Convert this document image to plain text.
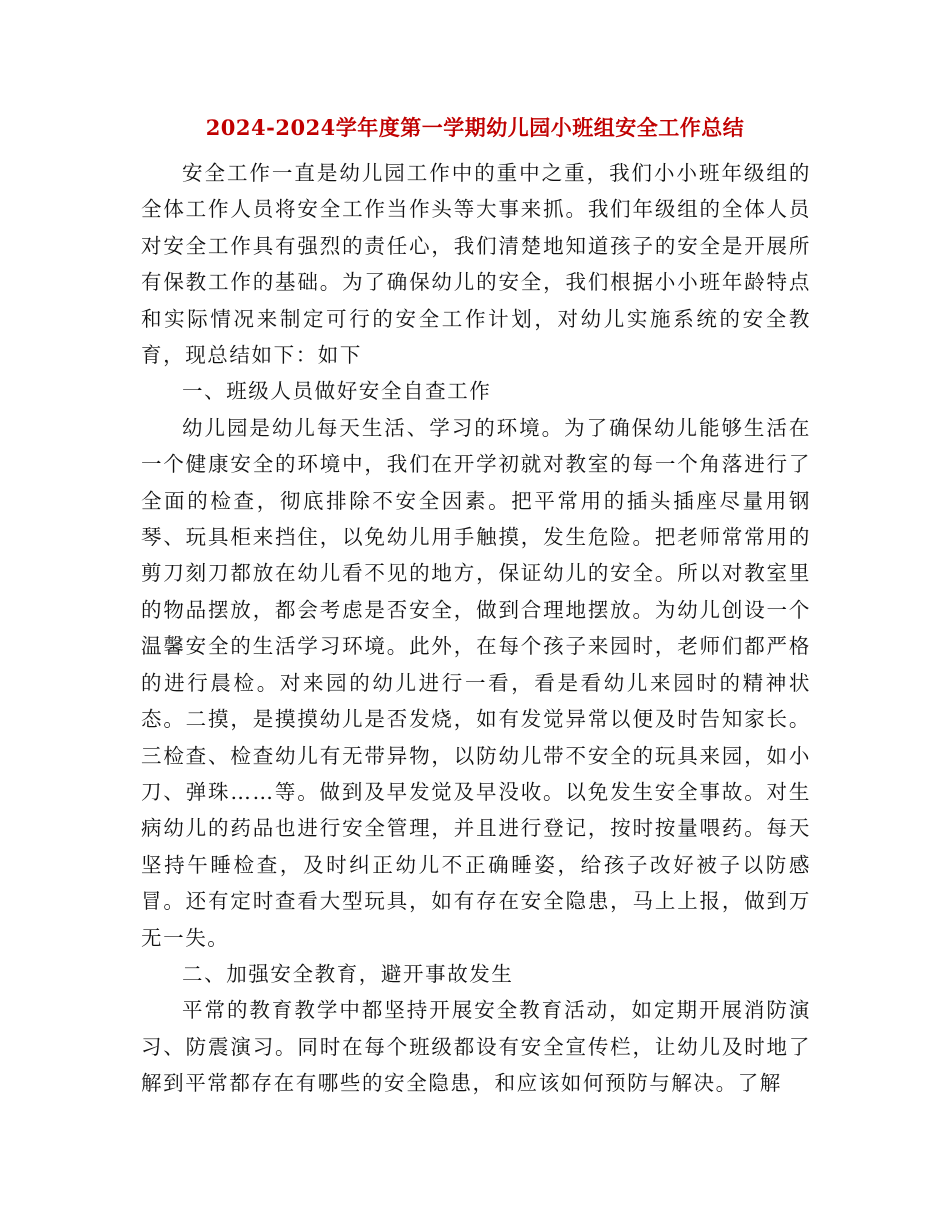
2024-2024学年度第一学期幼儿园小班组安全工作总结

安全工作一直是幼儿园工作中的重中之重，我们小小班年级组的全体工作人员将安全工作当作头等大事来抓。我们年级组的全体人员对安全工作具有强烈的责任心，我们清楚地知道孩子的安全是开展所有保教工作的基础。为了确保幼儿的安全，我们根据小小班年龄特点和实际情况来制定可行的安全工作计划，对幼儿实施系统的安全教育，现总结如下：如下

一、班级人员做好安全自查工作

幼儿园是幼儿每天生活、学习的环境。为了确保幼儿能够生活在一个健康安全的环境中，我们在开学初就对教室的每一个角落进行了全面的检查，彻底排除不安全因素。把平常用的插头插座尽量用钢琴、玩具柜来挡住，以免幼儿用手触摸，发生危险。把老师常常用的剪刀刻刀都放在幼儿看不见的地方，保证幼儿的安全。所以对教室里的物品摆放，都会考虑是否安全，做到合理地摆放。为幼儿创设一个温馨安全的生活学习环境。此外，在每个孩子来园时，老师们都严格的进行晨检。对来园的幼儿进行一看，看是看幼儿来园时的精神状态。二摸，是摸摸幼儿是否发烧，如有发觉异常以便及时告知家长。三检查、检查幼儿有无带异物，以防幼儿带不安全的玩具来园，如小刀、弹珠……等。做到及早发觉及早没收。以免发生安全事故。对生病幼儿的药品也进行安全管理，并且进行登记，按时按量喂药。每天坚持午睡检查，及时纠正幼儿不正确睡姿，给孩子改好被子以防感冒。还有定时查看大型玩具，如有存在安全隐患，马上上报，做到万无一失。

二、加强安全教育，避开事故发生

平常的教育教学中都坚持开展安全教育活动，如定期开展消防演习、防震演习。同时在每个班级都设有安全宣传栏，让幼儿及时地了解到平常都存在有哪些的安全隐患，和应该如何预防与解决。了解
